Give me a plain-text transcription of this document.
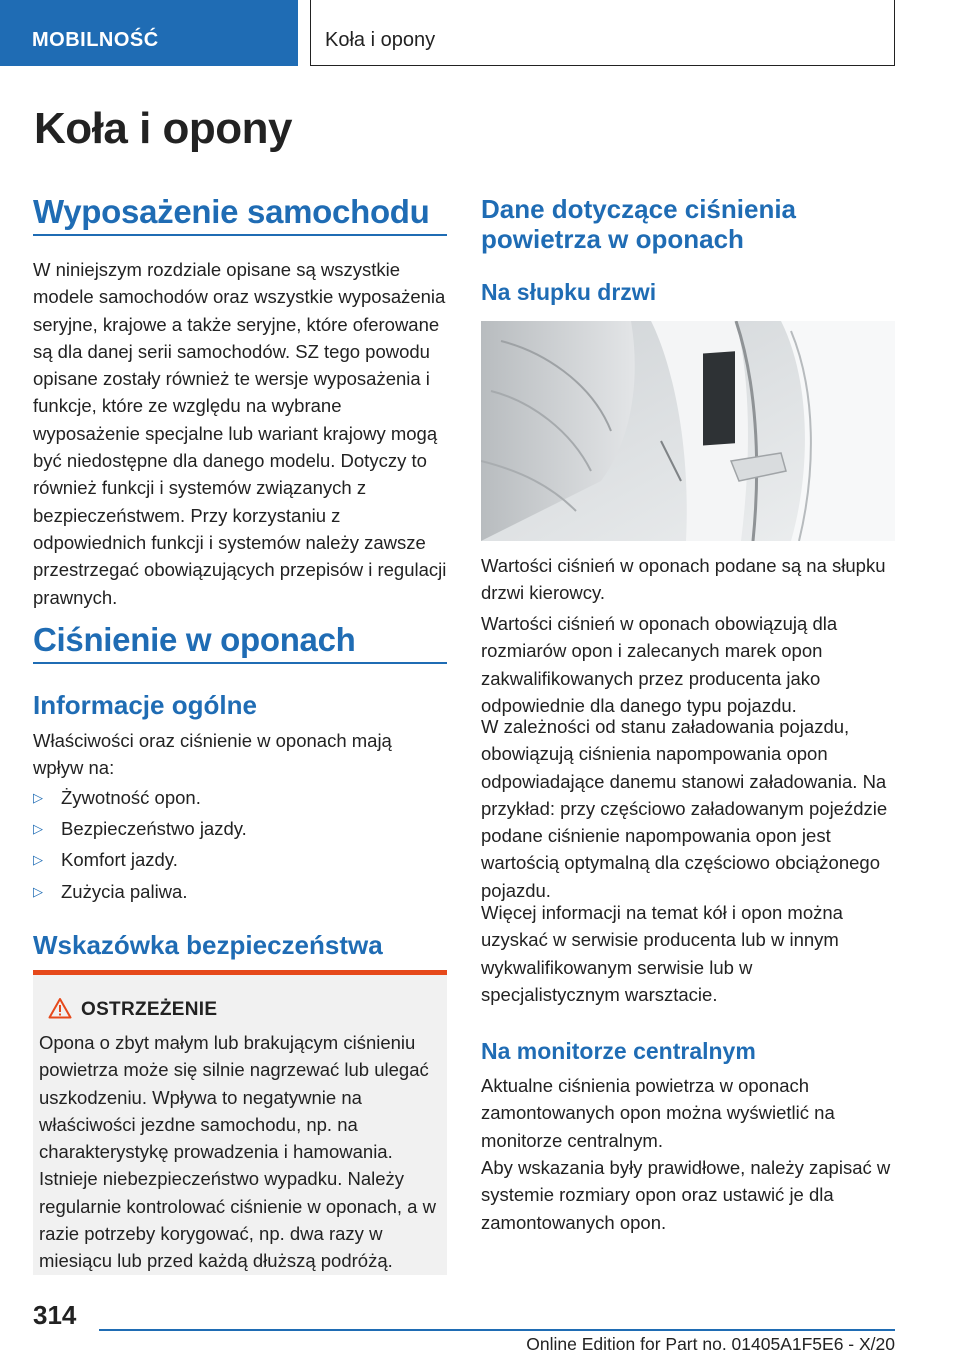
MOBILNOŚĆ	Koła i opony
Koła i opony
Wyposażenie samochodu

W niniejszym rozdziale opisane są wszystkie modele samochodów oraz wszystkie wyposażenia seryjne, krajowe a także seryjne, które oferowane są dla danej serii samochodów. SZ tego powodu opisane zostały również te wersje wyposażenia i funkcje, które ze względu na wybrane wyposażenie specjalne lub wariant krajowy mogą być niedostępne dla danego modelu. Dotyczy to również funkcji i systemów związanych z bezpieczeństwem. Przy korzystaniu z odpowiednich funkcji i systemów należy zawsze przestrzegać obowiązujących przepisów i regulacji prawnych.

Ciśnienie w oponach
Informacje ogólne

Właściwości oraz ciśnienie w oponach mają wpływ na:

▷ Żywotność opon.
▷ Bezpieczeństwo jazdy.
▷ Komfort jazdy.
▷ Zużycia paliwa.
Wskazówka bezpieczeństwa
OSTRZEŻENIE

Opona o zbyt małym lub brakującym ciśnieniu powietrza może się silnie nagrzewać lub ulegać uszkodzeniu. Wpływa to negatywnie na właściwości jezdne samochodu, np. na charakterystykę prowadzenia i hamowania. Istnieje niebezpieczeństwo wypadku. Należy regularnie kontrolować ciśnienie w oponach, a w razie potrzeby korygować, np. dwa razy w miesiącu lub przed każdą dłuższą podróżą.

Dane dotyczące ciśnienia powietrza w oponach
Na słupku drzwi

Wartości ciśnień w oponach podane są na słupku drzwi kierowcy.

Wartości ciśnień w oponach obowiązują dla rozmiarów opon i zalecanych marek opon zakwalifikowanych przez producenta jako odpowiednie dla danego typu pojazdu.

W zależności od stanu załadowania pojazdu, obowiązują ciśnienia napompowania opon odpowiadające danemu stanowi załadowania. Na przykład: przy częściowo załadowanym pojeździe podane ciśnienie napompowania opon jest wartością optymalną dla częściowo obciążonego pojazdu.

Więcej informacji na temat kół i opon można uzyskać w serwisie producenta lub w innym wykwalifikowanym serwisie lub w specjalistycznym warsztacie.

Na monitorze centralnym

Aktualne ciśnienia powietrza w oponach zamontowanych opon można wyświetlić na monitorze centralnym.

Aby wskazania były prawidłowe, należy zapisać w systemie rozmiary opon oraz ustawić je dla zamontowanych opon.

314
Online Edition for Part no. 01405A1F5E6 - X/20
